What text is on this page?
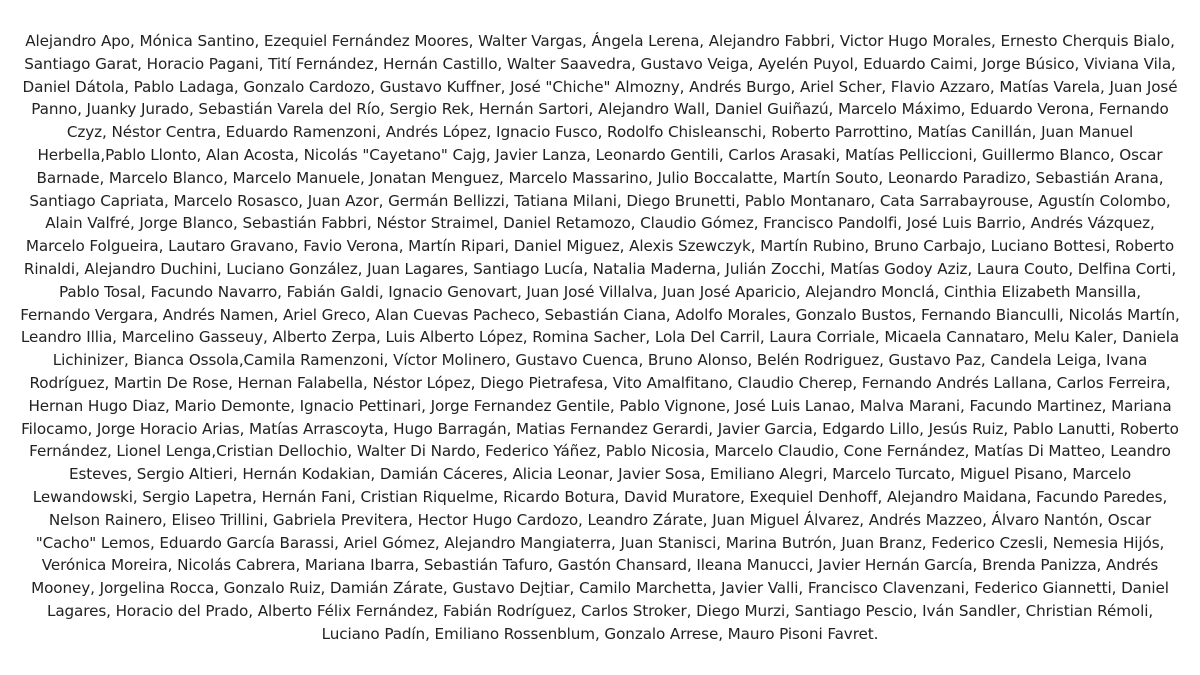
Alejandro Apo, Mónica Santino, Ezequiel Fernández Moores, Walter Vargas, Ángela Lerena, Alejandro Fabbri, Victor Hugo Morales, Ernesto Cherquis Bialo,
Santiago Garat, Horacio Pagani, Tití Fernández, Hernán Castillo, Walter Saavedra, Gustavo Veiga, Ayelén Puyol, Eduardo Caimi, Jorge Búsico, Viviana Vila,
Daniel Dátola, Pablo Ladaga, Gonzalo Cardozo, Gustavo Kuffner, José "Chiche" Almozny, Andrés Burgo, Ariel Scher, Flavio Azzaro, Matías Varela, Juan José
Panno, Juanky Jurado, Sebastián Varela del Río, Sergio Rek, Hernán Sartori, Alejandro Wall, Daniel Guiñazú, Marcelo Máximo, Eduardo Verona, Fernando
Czyz, Néstor Centra, Eduardo Ramenzoni, Andrés López, Ignacio Fusco, Rodolfo Chisleanschi, Roberto Parrottino, Matías Canillán, Juan Manuel
Herbella,Pablo Llonto, Alan Acosta, Nicolás "Cayetano" Cajg, Javier Lanza, Leonardo Gentili, Carlos Arasaki, Matías Pelliccioni, Guillermo Blanco, Oscar
Barnade, Marcelo Blanco, Marcelo Manuele, Jonatan Menguez, Marcelo Massarino, Julio Boccalatte, Martín Souto, Leonardo Paradizo, Sebastián Arana,
Santiago Capriata, Marcelo Rosasco, Juan Azor, Germán Bellizzi, Tatiana Milani, Diego Brunetti, Pablo Montanaro, Cata Sarrabayrouse, Agustín Colombo,
Alain Valfré, Jorge Blanco, Sebastián Fabbri, Néstor Straimel, Daniel Retamozo, Claudio Gómez, Francisco Pandolfi, José Luis Barrio, Andrés Vázquez,
Marcelo Folgueira, Lautaro Gravano, Favio Verona, Martín Ripari, Daniel Miguez, Alexis Szewczyk, Martín Rubino, Bruno Carbajo, Luciano Bottesi, Roberto
Rinaldi, Alejandro Duchini, Luciano González, Juan Lagares, Santiago Lucía, Natalia Maderna, Julián Zocchi, Matías Godoy Aziz, Laura Couto, Delfina Corti,
Pablo Tosal, Facundo Navarro, Fabián Galdi, Ignacio Genovart, Juan José Villalva, Juan José Aparicio, Alejandro Monclá, Cinthia Elizabeth Mansilla,
Fernando Vergara, Andrés Namen, Ariel Greco, Alan Cuevas Pacheco, Sebastián Ciana, Adolfo Morales, Gonzalo Bustos, Fernando Bianculli, Nicolás Martín,
Leandro Illia, Marcelino Gasseuy, Alberto Zerpa, Luis Alberto López, Romina Sacher, Lola Del Carril, Laura Corriale, Micaela Cannataro, Melu Kaler, Daniela
Lichinizer, Bianca Ossola,Camila Ramenzoni, Víctor Molinero, Gustavo Cuenca, Bruno Alonso, Belén Rodriguez, Gustavo Paz, Candela Leiga, Ivana
Rodríguez, Martin De Rose, Hernan Falabella, Néstor López, Diego Pietrafesa, Vito Amalfitano, Claudio Cherep, Fernando Andrés Lallana, Carlos Ferreira,
Hernan Hugo Diaz, Mario Demonte, Ignacio Pettinari, Jorge Fernandez Gentile, Pablo Vignone, José Luis Lanao, Malva Marani, Facundo Martinez, Mariana
Filocamo, Jorge Horacio Arias, Matías Arrascoyta, Hugo Barragán, Matias Fernandez Gerardi, Javier Garcia, Edgardo Lillo, Jesús Ruiz, Pablo Lanutti, Roberto
Fernández, Lionel Lenga,Cristian Dellochio, Walter Di Nardo, Federico Yáñez, Pablo Nicosia, Marcelo Claudio, Cone Fernández, Matías Di Matteo, Leandro
Esteves, Sergio Altieri, Hernán Kodakian, Damián Cáceres, Alicia Leonar, Javier Sosa, Emiliano Alegri, Marcelo Turcato, Miguel Pisano, Marcelo
Lewandowski, Sergio Lapetra, Hernán Fani, Cristian Riquelme, Ricardo Botura, David Muratore, Exequiel Denhoff, Alejandro Maidana, Facundo Paredes,
Nelson Rainero, Eliseo Trillini, Gabriela Previtera, Hector Hugo Cardozo, Leandro Zárate, Juan Miguel Álvarez, Andrés Mazzeo, Álvaro Nantón, Oscar
"Cacho" Lemos, Eduardo García Barassi, Ariel Gómez, Alejandro Mangiaterra, Juan Stanisci, Marina Butrón, Juan Branz, Federico Czesli, Nemesia Hijós,
Verónica Moreira, Nicolás Cabrera, Mariana Ibarra, Sebastián Tafuro, Gastón Chansard, Ileana Manucci, Javier Hernán García, Brenda Panizza, Andrés
Mooney, Jorgelina Rocca, Gonzalo Ruiz, Damián Zárate, Gustavo Dejtiar, Camilo Marchetta, Javier Valli, Francisco Clavenzani, Federico Giannetti, Daniel
Lagares, Horacio del Prado, Alberto Félix Fernández, Fabián Rodríguez, Carlos Stroker, Diego Murzi, Santiago Pescio, Iván Sandler, Christian Rémoli,
Luciano Padín, Emiliano Rossenblum, Gonzalo Arrese, Mauro Pisoni Favret.
